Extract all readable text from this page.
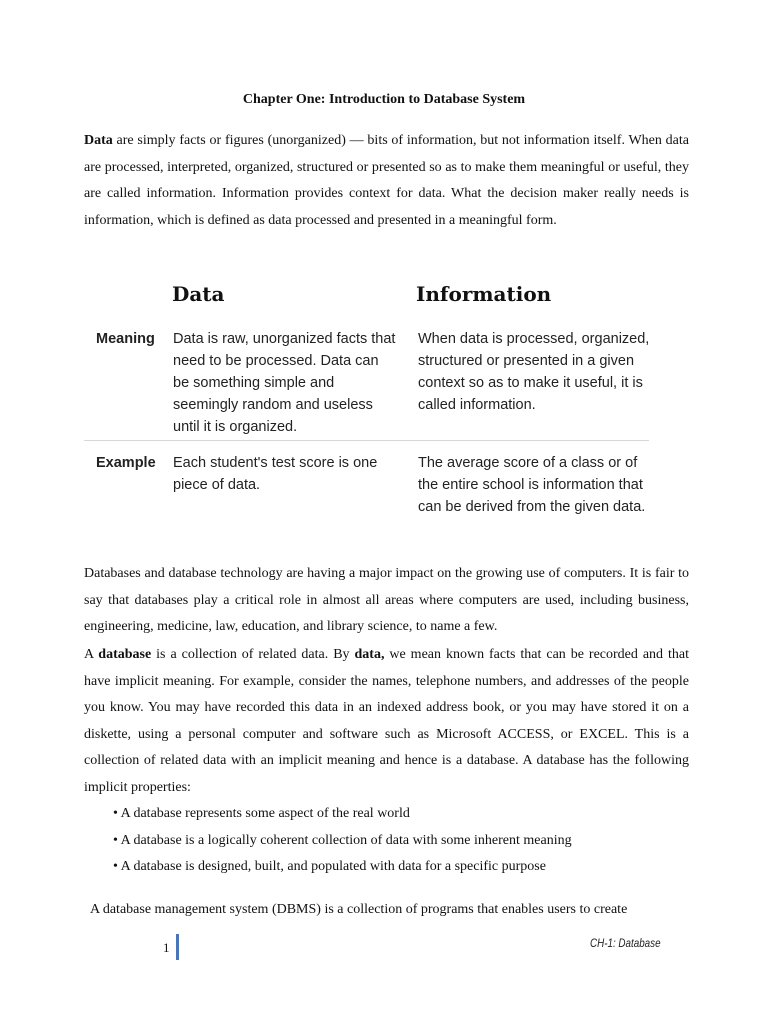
Chapter One: Introduction to Database System

Data are simply facts or figures (unorganized) — bits of information, but not information itself. When data are processed, interpreted, organized, structured or presented so as to make them meaningful or useful, they are called information. Information provides context for data. What the decision maker really needs is information, which is defined as data processed and presented in a meaningful form.

Data	Information
Meaning Data is raw, unorganized facts that need to be processed. Data can be something simple and seemingly random and useless until it is organized.
When data is processed, organized, structured or presented in a given context so as to make it useful, it is called information.
Example Each student's test score is one piece of data.
The average score of a class or of the entire school is information that can be derived from the given data.

Databases and database technology are having a major impact on the growing use of computers. It is fair to say that databases play a critical role in almost all areas where computers are used, including business, engineering, medicine, law, education, and library science, to name a few.

A database is a collection of related data. By data, we mean known facts that can be recorded and that have implicit meaning. For example, consider the names, telephone numbers, and addresses of the people you know. You may have recorded this data in an indexed address book, or you may have stored it on a diskette, using a personal computer and software such as Microsoft ACCESS, or EXCEL. This is a collection of related data with an implicit meaning and hence is a database. A database has the following implicit properties:

• A database represents some aspect of the real world
• A database is a logically coherent collection of data with some inherent meaning
• A database is designed, built, and populated with data for a specific purpose

A database management system (DBMS) is a collection of programs that enables users to create

1	CH-1: Database
